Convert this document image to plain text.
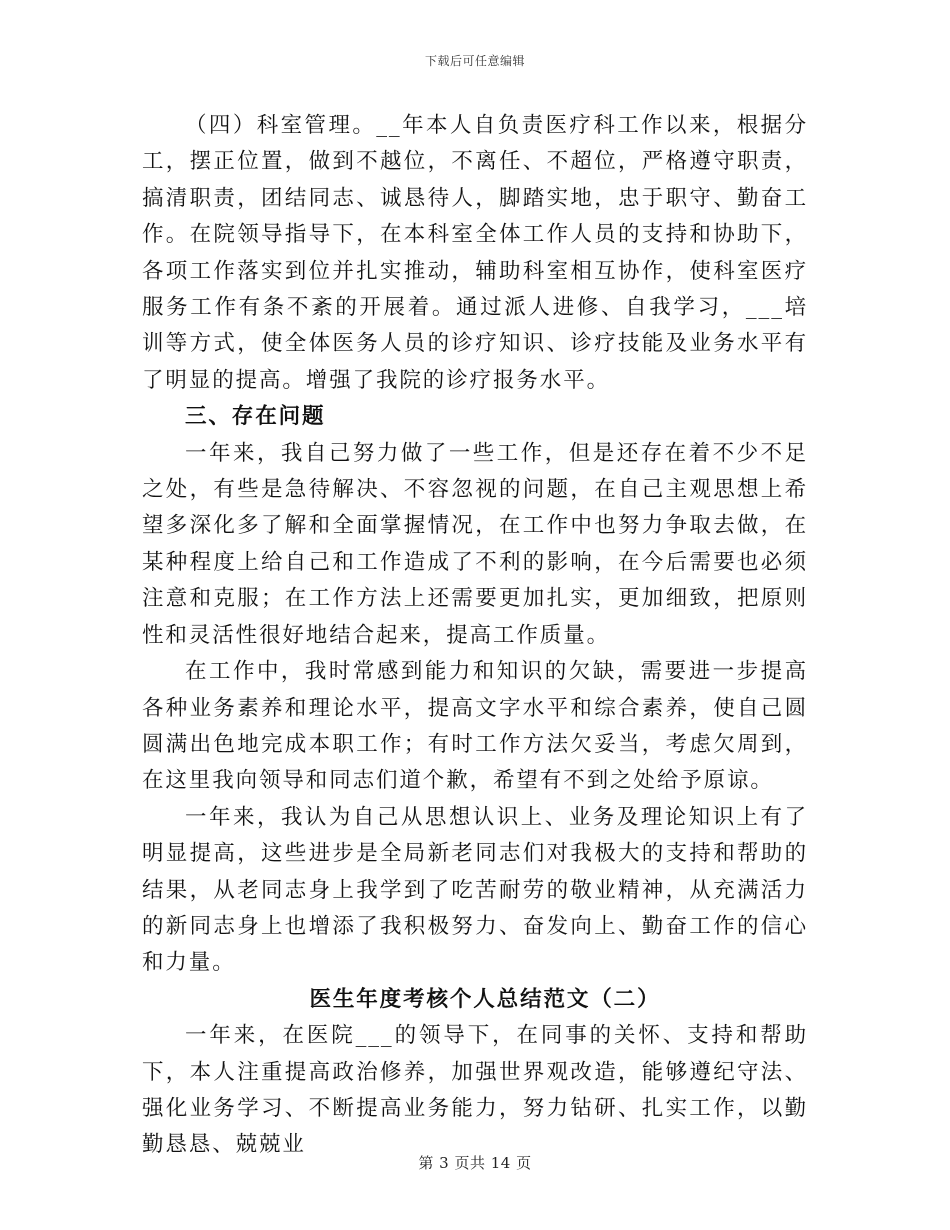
下载后可任意编辑

（四）科室管理。__年本人自负责医疗科工作以来，根据分工，摆正位置，做到不越位，不离任、不超位，严格遵守职责，搞清职责，团结同志、诚恳待人，脚踏实地，忠于职守、勤奋工作。在院领导指导下，在本科室全体工作人员的支持和协助下，各项工作落实到位并扎实推动，辅助科室相互协作，使科室医疗服务工作有条不紊的开展着。通过派人进修、自我学习，___培训等方式，使全体医务人员的诊疗知识、诊疗技能及业务水平有了明显的提高。增强了我院的诊疗报务水平。

三、存在问题

一年来，我自己努力做了一些工作，但是还存在着不少不足之处，有些是急待解决、不容忽视的问题，在自己主观思想上希望多深化多了解和全面掌握情况，在工作中也努力争取去做，在某种程度上给自己和工作造成了不利的影响，在今后需要也必须注意和克服；在工作方法上还需要更加扎实，更加细致，把原则性和灵活性很好地结合起来，提高工作质量。

在工作中，我时常感到能力和知识的欠缺，需要进一步提高各种业务素养和理论水平，提高文字水平和综合素养，使自己圆圆满出色地完成本职工作；有时工作方法欠妥当，考虑欠周到，在这里我向领导和同志们道个歉，希望有不到之处给予原谅。

一年来，我认为自己从思想认识上、业务及理论知识上有了明显提高，这些进步是全局新老同志们对我极大的支持和帮助的结果，从老同志身上我学到了吃苦耐劳的敬业精神，从充满活力的新同志身上也增添了我积极努力、奋发向上、勤奋工作的信心和力量。

医生年度考核个人总结范文（二）

一年来，在医院___的领导下，在同事的关怀、支持和帮助下，本人注重提高政治修养，加强世界观改造，能够遵纪守法、强化业务学习、不断提高业务能力，努力钻研、扎实工作，以勤勤恳恳、兢兢业

第 3 页共 14 页
